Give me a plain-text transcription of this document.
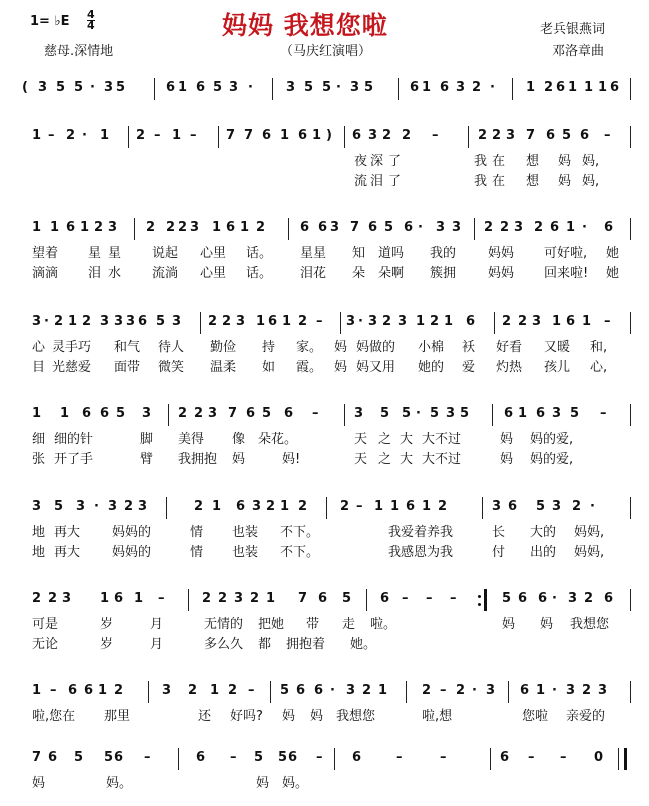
1= ♭E 4
4	妈妈 我想您啦	老兵银燕词
慈母.深情地	（马庆红演唱）	邓洛章曲
( 3 5 5 · 3 5	6 1 6 5 3 ·	3 5 5 · 3 5	6 1 6 3 2 · 1 2 6 1 1 1 6
1 – 2 · 1 2 – 1 – 7 7 6 1 6 1 ) 6 3 2 2 –	2 2 3 7 6 5 6 –
夜 深 了	我 在 想 妈 妈,
流 泪 了	我 在 想 妈 妈,
1 1 6 1 2 3 2 2 2 3 1 6 1 2	6 6 3 7 6 5 6 · 3 3 2 2 3 2 6 1 · 6
望着 星 星 说起 心里 话。 星星 知 道吗 我的 妈妈 可好啦, 她
滴滴 泪 水 流淌 心里 话。 泪花 朵 朵啊 簇拥 妈妈 回来啦! 她
3 · 2 1 2 3 3 3 6 5 3 2 2 3 1 6 1 2 – 3 · 3 2 3 1 2 1 6 2 2 3 1 6 1 –
心 灵手巧 和气 待人 勤俭 持 家。 妈 妈做的 小棉 袄 好看 又暖 和,
目 光慈爱 面带 微笑 温柔 如 霞。 妈 妈又用 她的 爱 灼热 孩儿 心,
1 1 6 6 5 3 2 2 3 7 6 5 6 –	3 5 5 · 5 3 5	6 1 6 3 5 –
细 细的针	脚 美得 像 朵花。	天 之 大 大不过	妈 妈的爱,
张 开了手	臂 我拥抱 妈	妈!	天 之 大 大不过	妈 妈的爱,
3 5 3 · 3 2 3	2 1 6 3 2 1 2	2 – 1 1 6 1 2	3 6 5 3 2 ·
地 再大 妈妈的	情 也装 不下。	我爱着养我	长 大的 妈妈,
地 再大 妈妈的	情 也装 不下。	我感恩为我	付 出的 妈妈,
2 2 3 1 6 1 –	2 2 3 2 1 7 6 5 6 – – –	5 6 6 · 3 2 6
可是	岁	月	无情的 把她 带 走 啦。	妈 妈 我想您
无论	岁	月	多么久 都 拥抱着 她。
1 – 6 6 1 2	3 2 1 2 – 5 6 6 · 3 2 1	2 – 2 · 3 6 1 · 3 2 3
啦,您在 那里	还 好吗? 妈 妈 我想您	啦,想	您啦 亲爱的
7 6 5 5 6 –	6 – 5 5 6 – 6	–	–	6 – – 0
妈	妈。	妈 妈。
